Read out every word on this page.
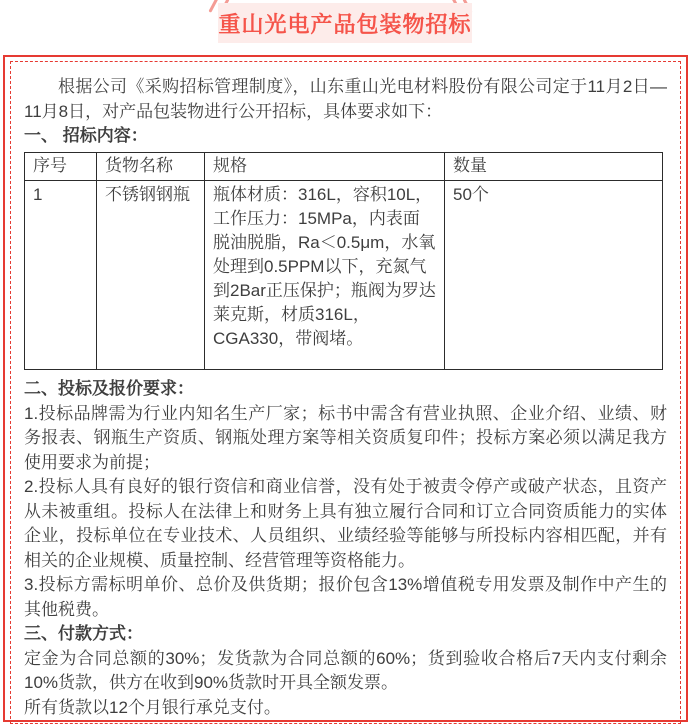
重山光电产品包装物招标

根据公司《采购招标管理制度》，山东重山光电材料股份有限公司定于11月2日—11月8日，对产品包装物进行公开招标，具体要求如下：

一、 招标内容：

序号	货物名称	规格	数量
1	不锈钢钢瓶	瓶体材质：316L，容积10L，工作压力：15MPa，内表面脱油脱脂，Ra＜0.5μm，水氧处理到0.5PPM以下，充氮气到2Bar正压保护；瓶阀为罗达莱克斯，材质316L，CGA330，带阀堵。	50个

二、投标及报价要求：

1.投标品牌需为行业内知名生产厂家；标书中需含有营业执照、企业介绍、业绩、财务报表、钢瓶生产资质、钢瓶处理方案等相关资质复印件；投标方案必须以满足我方使用要求为前提；

2.投标人具有良好的银行资信和商业信誉，没有处于被责令停产或破产状态，且资产从未被重组。投标人在法律上和财务上具有独立履行合同和订立合同资质能力的实体企业，投标单位在专业技术、人员组织、业绩经验等能够与所投标内容相匹配，并有相关的企业规模、质量控制、经营管理等资格能力。

3.投标方需标明单价、总价及供货期；报价包含13%增值税专用发票及制作中产生的其他税费。

三、付款方式：

定金为合同总额的30%；发货款为合同总额的60%；货到验收合格后7天内支付剩余10%货款，供方在收到90%货款时开具全额发票。

所有货款以12个月银行承兑支付。
